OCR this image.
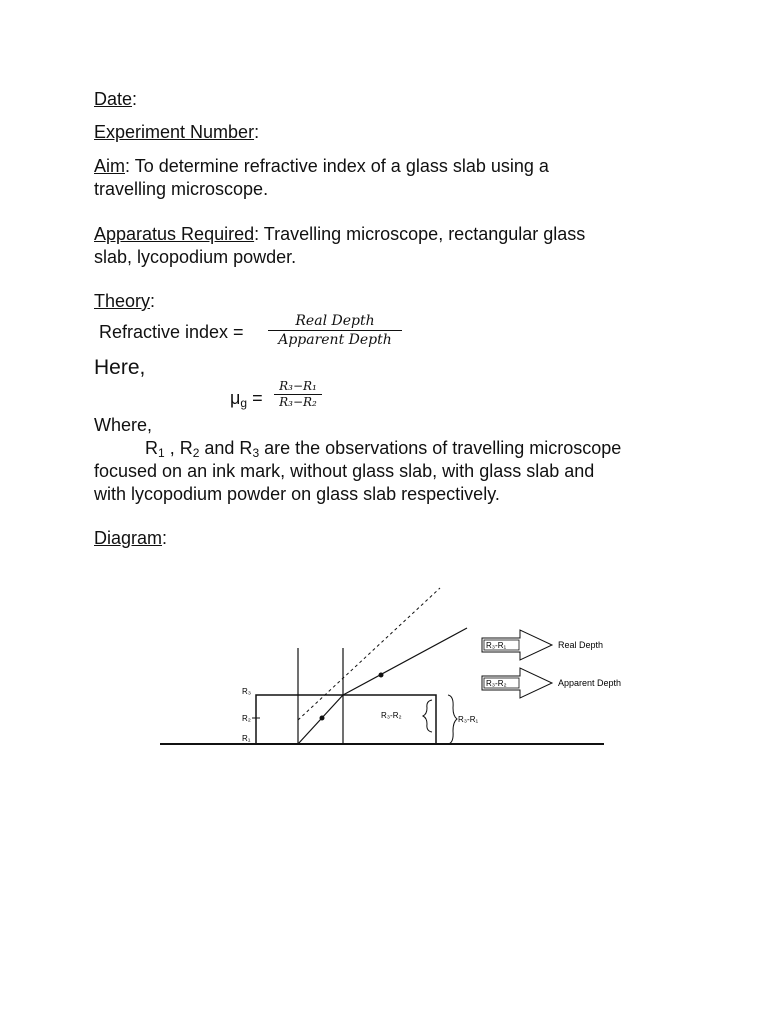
Date:
Experiment Number:
Aim: To determine refractive index of a glass slab using a
travelling microscope.
Apparatus Required: Travelling microscope, rectangular glass
slab, lycopodium powder.
Theory:
Refractive index =
Real Depth
Apparent Depth
Here,
$\mu_g$ =
R₃−R₁
R₃−R₂
Where,
$R_1$ , $R_2$ and $R_3$ are the observations of travelling microscope
focused on an ink mark, without glass slab, with glass slab and
with lycopodium powder on glass slab respectively.
Diagram:
R₃
R₂
R₁
R₃-R₂	R₃-R₁
R₃-R₁	Real Depth
R₃-R₂	Apparent Depth
